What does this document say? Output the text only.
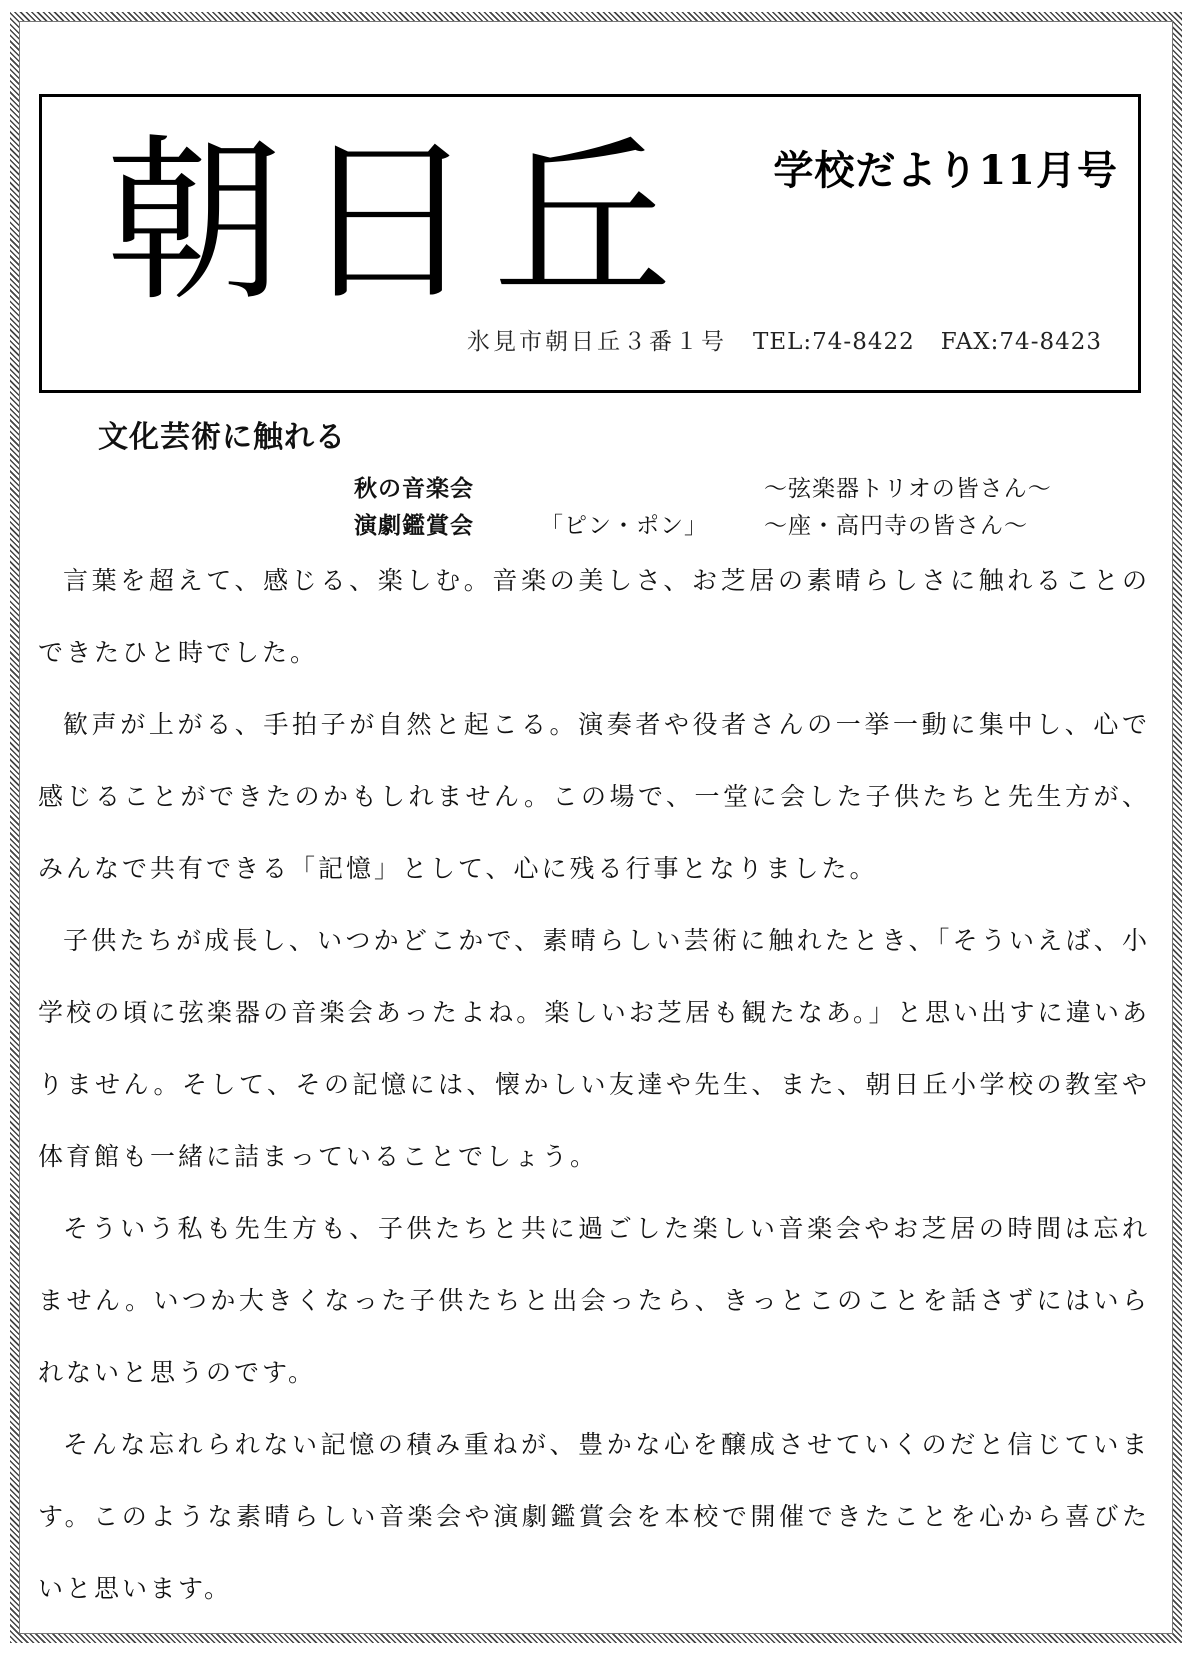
朝日丘 学校だより11月号
氷見市朝日丘３番１号 TEL:74-8422 FAX:74-8423
文化芸術に触れる
秋の音楽会	～弦楽器トリオの皆さん～
演劇鑑賞会	「ピン・ポン」 ～座・高円寺の皆さん～

言葉を超えて、感じる、楽しむ。音楽の美しさ、お芝居の素晴らしさに触れることのできたひと時でした。

歓声が上がる、手拍子が自然と起こる。演奏者や役者さんの一挙一動に集中し、心で感じることができたのかもしれません。この場で、一堂に会した子供たちと先生方が、みんなで共有できる「記憶」として、心に残る行事となりました。

子供たちが成長し、いつかどこかで、素晴らしい芸術に触れたとき、「そういえば、小学校の頃に弦楽器の音楽会あったよね。楽しいお芝居も観たなあ。」と思い出すに違いありません。そして、その記憶には、懐かしい友達や先生、また、朝日丘小学校の教室や体育館も一緒に詰まっていることでしょう。

そういう私も先生方も、子供たちと共に過ごした楽しい音楽会やお芝居の時間は忘れません。いつか大きくなった子供たちと出会ったら、きっとこのことを話さずにはいられないと思うのです。

そんな忘れられない記憶の積み重ねが、豊かな心を醸成させていくのだと信じています。このような素晴らしい音楽会や演劇鑑賞会を本校で開催できたことを心から喜びたいと思います。
